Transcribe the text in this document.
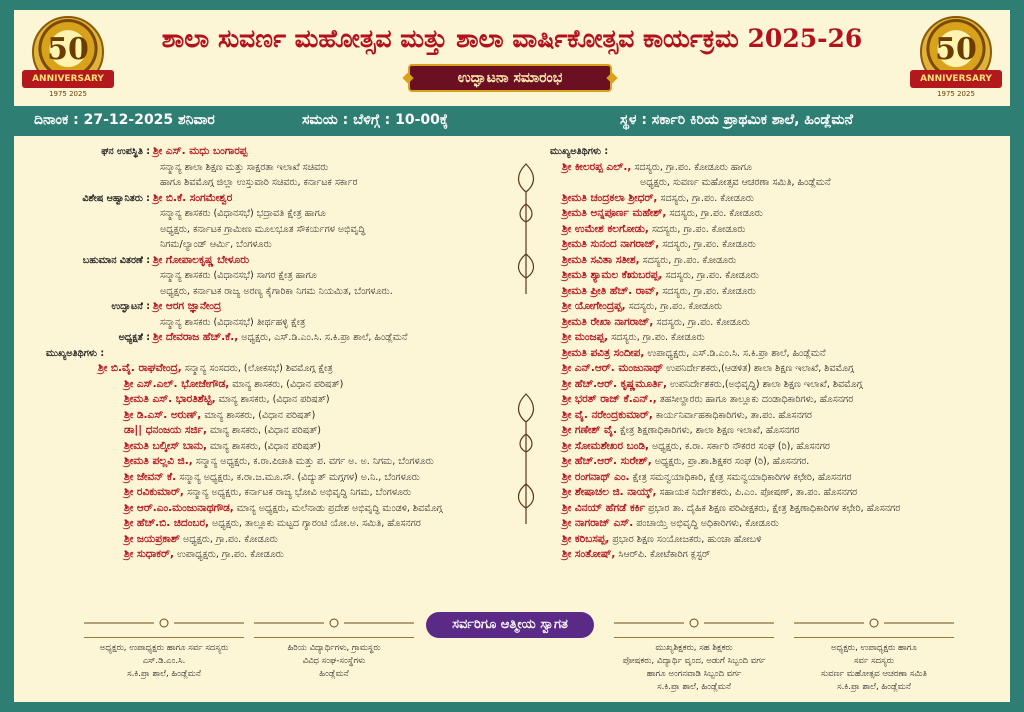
50
ANNIVERSARY
1975 2025
ಶಾಲಾ ಸುವರ್ಣ ಮಹೋತ್ಸವ ಮತ್ತು ಶಾಲಾ ವಾರ್ಷಿಕೋತ್ಸವ ಕಾರ್ಯಕ್ರಮ 2025-26
ಉದ್ಘಾಟನಾ ಸಮಾರಂಭ
50
ANNIVERSARY
1975 2025
ದಿನಾಂಕ : 27-12-2025 ಶನಿವಾರ	ಸಮಯ : ಬೆಳಿಗ್ಗೆ : 10-00ಕ್ಕೆ	ಸ್ಥಳ : ಸರ್ಕಾರಿ ಕಿರಿಯ ಪ್ರಾಥಮಿಕ ಶಾಲೆ, ಹಿಂಡ್ಲೆಮನೆ
ಘನ ಉಪಸ್ಥಿತಿ : ಶ್ರೀ ಎಸ್. ಮಧು ಬಂಗಾರಪ್ಪ
ಸನ್ಮಾನ್ಯ ಶಾಲಾ ಶಿಕ್ಷಣ ಮತ್ತು ಸಾಕ್ಷರತಾ ಇಲಾಖೆ ಸಚಿವರು
ಹಾಗೂ ಶಿವಮೊಗ್ಗ ಜಿಲ್ಲಾ ಉಸ್ತುವಾರಿ ಸಚಿವರು, ಕರ್ನಾಟಕ ಸರ್ಕಾರ
ವಿಶೇಷ ಆಹ್ವಾನಿತರು : ಶ್ರೀ ಬಿ.ಕೆ. ಸಂಗಮೇಶ್ವರ
ಸನ್ಮಾನ್ಯ ಶಾಸಕರು (ವಿಧಾನಸಭೆ) ಭದ್ರಾವತಿ ಕ್ಷೇತ್ರ ಹಾಗೂ
ಅಧ್ಯಕ್ಷರು, ಕರ್ನಾಟಕ ಗ್ರಾಮೀಣ ಮೂಲಭೂತ ಸೌಕರ್ಯಗಳ ಅಭಿವೃದ್ಧಿ
ನಿಗಮ/ಲ್ಯಾಂಡ್ ಆರ್ಮಿ, ಬೆಂಗಳೂರು
ಬಹುಮಾನ ವಿತರಣೆ : ಶ್ರೀ ಗೋಪಾಲಕೃಷ್ಣ ಬೇಳೂರು
ಸನ್ಮಾನ್ಯ ಶಾಸಕರು (ವಿಧಾನಸಭೆ) ಸಾಗರ ಕ್ಷೇತ್ರ ಹಾಗೂ
ಅಧ್ಯಕ್ಷರು, ಕರ್ನಾಟಕ ರಾಜ್ಯ ಅರಣ್ಯ ಕೈಗಾರಿಕಾ ನಿಗಮ ನಿಯಮಿತ, ಬೆಂಗಳೂರು.
ಉದ್ಘಾಟನೆ : ಶ್ರೀ ಆರಗ ಜ್ಞಾನೇಂದ್ರ
ಸನ್ಮಾನ್ಯ ಶಾಸಕರು (ವಿಧಾನಸಭೆ) ತೀರ್ಥಹಳ್ಳಿ ಕ್ಷೇತ್ರ
ಅಧ್ಯಕ್ಷತೆ : ಶ್ರೀ ದೇವರಾಜ ಹೆಚ್.ಕೆ., ಅಧ್ಯಕ್ಷರು, ಎಸ್.ಡಿ.ಎಂ.ಸಿ. ಸ.ಕಿ.ಪ್ರಾ ಶಾಲೆ, ಹಿಂಡ್ಲೆಮನೆ
ಮುಖ್ಯಅತಿಥಿಗಳು :
ಶ್ರೀ ಬಿ.ವೈ. ರಾಘವೇಂದ್ರ, ಸನ್ಮಾನ್ಯ ಸಂಸದರು, (ಲೋಕಸಭೆ) ಶಿವಮೊಗ್ಗ ಕ್ಷೇತ್ರ
ಶ್ರೀ ಎಸ್.ಎಲ್. ಭೋಜೇಗೌಡ, ಮಾನ್ಯ ಶಾಸಕರು, (ವಿಧಾನ ಪರಿಷತ್)
ಶ್ರೀಮತಿ ಎಸ್. ಭಾರತಿಶೆಟ್ಟಿ, ಮಾನ್ಯ ಶಾಸಕರು, (ವಿಧಾನ ಪರಿಷತ್)
ಶ್ರೀ ಡಿ.ಎಸ್. ಅರುಣ್, ಮಾನ್ಯ ಶಾಸಕರು, (ವಿಧಾನ ಪರಿಷತ್)
ಡಾ|| ಧನಂಜಯ ಸರ್ಜಿ, ಮಾನ್ಯ ಶಾಸಕರು, (ವಿಧಾನ ಪರಿಷತ್)
ಶ್ರೀಮತಿ ಬಲ್ಕೀಸ್ ಬಾನು, ಮಾನ್ಯ ಶಾಸಕರು, (ವಿಧಾನ ಪರಿಷತ್)
ಶ್ರೀಮತಿ ಪಲ್ಲವಿ ಜಿ., ಸನ್ಮಾನ್ಯ ಅಧ್ಯಕ್ಷರು, ಕ.ರಾ.ಪಿಚಾತಿ ಮತ್ತು ಪ. ವರ್ಗ ಅ. ಅ. ನಿಗಮ, ಬೆಂಗಳೂರು
ಶ್ರೀ ಜೇವನ್ ಕೆ. ಸನ್ಮಾನ್ಯ ಅಧ್ಯಕ್ಷರು, ಕ.ರಾ.ಜ.ಮೂ.ಸೌ. (ವಿದ್ಯುತ್ ಮಗ್ಗಗಳ) ಅ.ನಿ., ಬೆಂಗಳೂರು
ಶ್ರೀ ರವಿಕುಮಾರ್, ಸನ್ಮಾನ್ಯ ಅಧ್ಯಕ್ಷರು, ಕರ್ನಾಟಕ ರಾಜ್ಯ ಭೋವಿ ಅಭಿವೃದ್ಧಿ ನಿಗಮ, ಬೆಂಗಳೂರು
ಶ್ರೀ ಆರ್.ಎಂ.ಮಂಜುನಾಥಗೌಡ, ಮಾನ್ಯ ಅಧ್ಯಕ್ಷರು, ಮಲೆನಾಡು ಪ್ರದೇಶ ಅಭಿವೃದ್ಧಿ ಮಂಡಳಿ, ಶಿವಮೊಗ್ಗ
ಶ್ರೀ ಹೆಚ್.ಬಿ. ಚಿದಂಬರ, ಅಧ್ಯಕ್ಷರು, ತಾಲ್ಲೂಕು ಮಟ್ಟದ ಗ್ಯಾರಂಟಿ ಯೋ.ಅ. ಸಮಿತಿ, ಹೊಸನಗರ
ಶ್ರೀ ಜಯಪ್ರಕಾಶ್ ಅಧ್ಯಕ್ಷರು, ಗ್ರಾ.ಪಂ. ಕೋಡೂರು
ಶ್ರೀ ಸುಧಾಕರ್, ಉಪಾಧ್ಯಕ್ಷರು, ಗ್ರಾ.ಪಂ. ಕೋಡೂರು
ಮುಖ್ಯಅತಿಥಿಗಳು :
ಶ್ರೀ ಕೀಲರಪ್ಪ ಎಲ್., ಸದಸ್ಯರು, ಗ್ರಾ.ಪಂ. ಕೋಡೂರು ಹಾಗೂ
ಅಧ್ಯಕ್ಷರು, ಸುವರ್ಣ ಮಹೋತ್ಸವ ಆಚರಣಾ ಸಮಿತಿ, ಹಿಂಡ್ಲೆಮನೆ
ಶ್ರೀಮತಿ ಚಂದ್ರಕಲಾ ಶ್ರೀಧರ್, ಸದಸ್ಯರು, ಗ್ರಾ.ಪಂ. ಕೋಡೂರು
ಶ್ರೀಮತಿ ಅನ್ನಪೂರ್ಣ ಮಹೇಶ್, ಸದಸ್ಯರು, ಗ್ರಾ.ಪಂ. ಕೋಡೂರು
ಶ್ರೀ ಉಮೇಶ ಕಲಗೋಡು, ಸದಸ್ಯರು, ಗ್ರಾ.ಪಂ. ಕೋಡೂರು
ಶ್ರೀಮತಿ ಸುನಂದ ನಾಗರಾಜ್, ಸದಸ್ಯರು, ಗ್ರಾ.ಪಂ. ಕೋಡೂರು
ಶ್ರೀಮತಿ ಸವಿತಾ ಸತೀಶ, ಸದಸ್ಯರು, ಗ್ರಾ.ಪಂ. ಕೋಡೂರು
ಶ್ರೀಮತಿ ಶ್ಯಾಮಲ ಕೆಋಬರಪ್ಪ, ಸದಸ್ಯರು, ಗ್ರಾ.ಪಂ. ಕೋಡೂರು
ಶ್ರೀಮತಿ ಪ್ರೀತಿ ಹೆಚ್. ರಾವ್, ಸದಸ್ಯರು, ಗ್ರಾ.ಪಂ. ಕೋಡೂರು
ಶ್ರೀ ಯೋಗೇಂದ್ರಪ್ಪ, ಸದಸ್ಯರು, ಗ್ರಾ.ಪಂ. ಕೋಡೂರು
ಶ್ರೀಮತಿ ರೇಖಾ ನಾಗರಾಜ್, ಸದಸ್ಯರು, ಗ್ರಾ.ಪಂ. ಕೋಡೂರು
ಶ್ರೀ ಮಂಜಪ್ಪ, ಸದಸ್ಯರು, ಗ್ರಾ.ಪಂ. ಕೋಡೂರು
ಶ್ರೀಮತಿ ಪವಿತ್ರ ಸಂದೀಪ, ಉಪಾಧ್ಯಕ್ಷರು, ಎಸ್.ಡಿ.ಎಂ.ಸಿ. ಸ.ಕಿ.ಪ್ರಾ ಶಾಲೆ, ಹಿಂಡ್ಲೆಮನೆ
ಶ್ರೀ ಎನ್.ಆರ್. ಮಂಜುನಾಥ್ ಉಪನಿರ್ದೇಶಕರು,(ಆಡಳಿತ) ಶಾಲಾ ಶಿಕ್ಷಣ ಇಲಾಖೆ, ಶಿವಮೊಗ್ಗ
ಶ್ರೀ ಹೆಚ್.ಆರ್. ಕೃಷ್ಣಮೂರ್ತಿ, ಉಪನಿರ್ದೇಶಕರು,(ಅಭಿವೃದ್ಧಿ) ಶಾಲಾ ಶಿಕ್ಷಣ ಇಲಾಖೆ, ಶಿವಮೊಗ್ಗ
ಶ್ರೀ ಭರತ್ ರಾಜ್ ಕೆ.ಎನ್., ತಹಸೀಲ್ದಾರರು ಹಾಗೂ ತಾಲ್ಲೂಕು ದಂಡಾಧಿಕಾರಿಗಳು, ಹೊಸನಗರ
ಶ್ರೀ ವೈ. ನರೇಂದ್ರಕುಮಾರ್, ಕಾರ್ಯನಿರ್ವಾಹಕಾಧಿಕಾರಿಗಳು, ತಾ.ಪಂ. ಹೊಸನಗರ
ಶ್ರೀ ಗಣೇಶ್ ವೈ. ಕ್ಷೇತ್ರ ಶಿಕ್ಷಣಾಧಿಕಾರಿಗಳು, ಶಾಲಾ ಶಿಕ್ಷಣ ಇಲಾಖೆ, ಹೊಸನಗರ
ಶ್ರೀ ಸೋಮಶೇಖರ ಬಂಡಿ, ಅಧ್ಯಕ್ಷರು, ಕ.ರಾ. ಸರ್ಕಾರಿ ನೌಕರರ ಸಂಘ (ರಿ), ಹೊಸನಗರ
ಶ್ರೀ ಹೆಚ್.ಆರ್. ಸುರೇಶ್, ಅಧ್ಯಕ್ಷರು, ಪ್ರಾ.ಶಾ.ಶಿಕ್ಷಕರ ಸಂಘ (ರಿ), ಹೊಸನಗರ.
ಶ್ರೀ ರಂಗನಾಥ್ ಎಂ. ಕ್ಷೇತ್ರ ಸಮನ್ವಯಾಧಿಕಾರಿ, ಕ್ಷೇತ್ರ ಸಮನ್ವಯಾಧಿಕಾರಿಗಳ ಕಛೇರಿ, ಹೊಸನಗರ
ಶ್ರೀ ಶೇಷಾಚಲ ಜಿ. ನಾಯ್ಕ್, ಸಹಾಯಕ ನಿರ್ದೇಶಕರು, ಪಿ.ಎಂ. ಪೋಷಣ್, ತಾ.ಪಂ. ಹೊಸನಗರ
ಶ್ರೀ ವಿನಯ್ ಹೆಗಡೆ ಕರ್ಕಿ ಪ್ರಭಾರ ತಾ. ದೈಹಿಕ ಶಿಕ್ಷಣ ಪರಿವೀಕ್ಷಕರು, ಕ್ಷೇತ್ರ ಶಿಕ್ಷಣಾಧಿಕಾರಿಗಳ ಕಛೇರಿ, ಹೊಸನಗರ
ಶ್ರೀ ನಾಗರಾಜ್ ಎಸ್. ಪಂಚಾಯ್ತಿ ಅಭಿವೃದ್ಧಿ ಅಧಿಕಾರಿಗಳು, ಕೋಡೂರು
ಶ್ರೀ ಕರಿಬಸಪ್ಪ, ಪ್ರಭಾರ ಶಿಕ್ಷಣ ಸಂಯೋಜಕರು, ಹುಂಚಾ ಹೋಬಳಿ
ಶ್ರೀ ಸಂತೋಷ್, ಸಿಆರ್‌ಪಿ. ಕೋಟೆಕಾರಿಗ ಕ್ಲಸ್ಟರ್
ಅಧ್ಯಕ್ಷರು, ಉಪಾಧ್ಯಕ್ಷರು ಹಾಗೂ ಸರ್ವ ಸದಸ್ಯರು
ಎಸ್.ಡಿ.ಎಂ.ಸಿ.
ಸ.ಕಿ.ಪ್ರಾ ಶಾಲೆ, ಹಿಂಡ್ಲೆಮನೆ
ಹಿರಿಯ ವಿದ್ಯಾರ್ಥಿಗಳು, ಗ್ರಾಮಸ್ಥರು
ವಿವಿಧ ಸಂಘ-ಸಂಸ್ಥೆಗಳು
ಹಿಂಡ್ಲೆಮನೆ
ಸರ್ವರಿಗೂ ಆತ್ಮೀಯ ಸ್ವಾಗತ
ಮುಖ್ಯಶಿಕ್ಷಕರು, ಸಹ ಶಿಕ್ಷಕರು
ಪೋಷಕರು, ವಿದ್ಯಾರ್ಥಿ ವೃಂದ, ಅಡುಗೆ ಸಿಬ್ಬಂದಿ ವರ್ಗ
ಹಾಗೂ ಅಂಗನವಾಡಿ ಸಿಬ್ಬಂದಿ ವರ್ಗ
ಸ.ಕಿ.ಪ್ರಾ ಶಾಲೆ, ಹಿಂಡ್ಲೆಮನೆ
ಅಧ್ಯಕ್ಷರು, ಉಪಾಧ್ಯಕ್ಷರು ಹಾಗೂ
ಸರ್ವ ಸದಸ್ಯರು
ಸುವರ್ಣ ಮಹೋತ್ಸವ ಆಚರಣಾ ಸಮಿತಿ
ಸ.ಕಿ.ಪ್ರಾ ಶಾಲೆ, ಹಿಂಡ್ಲೆಮನೆ
